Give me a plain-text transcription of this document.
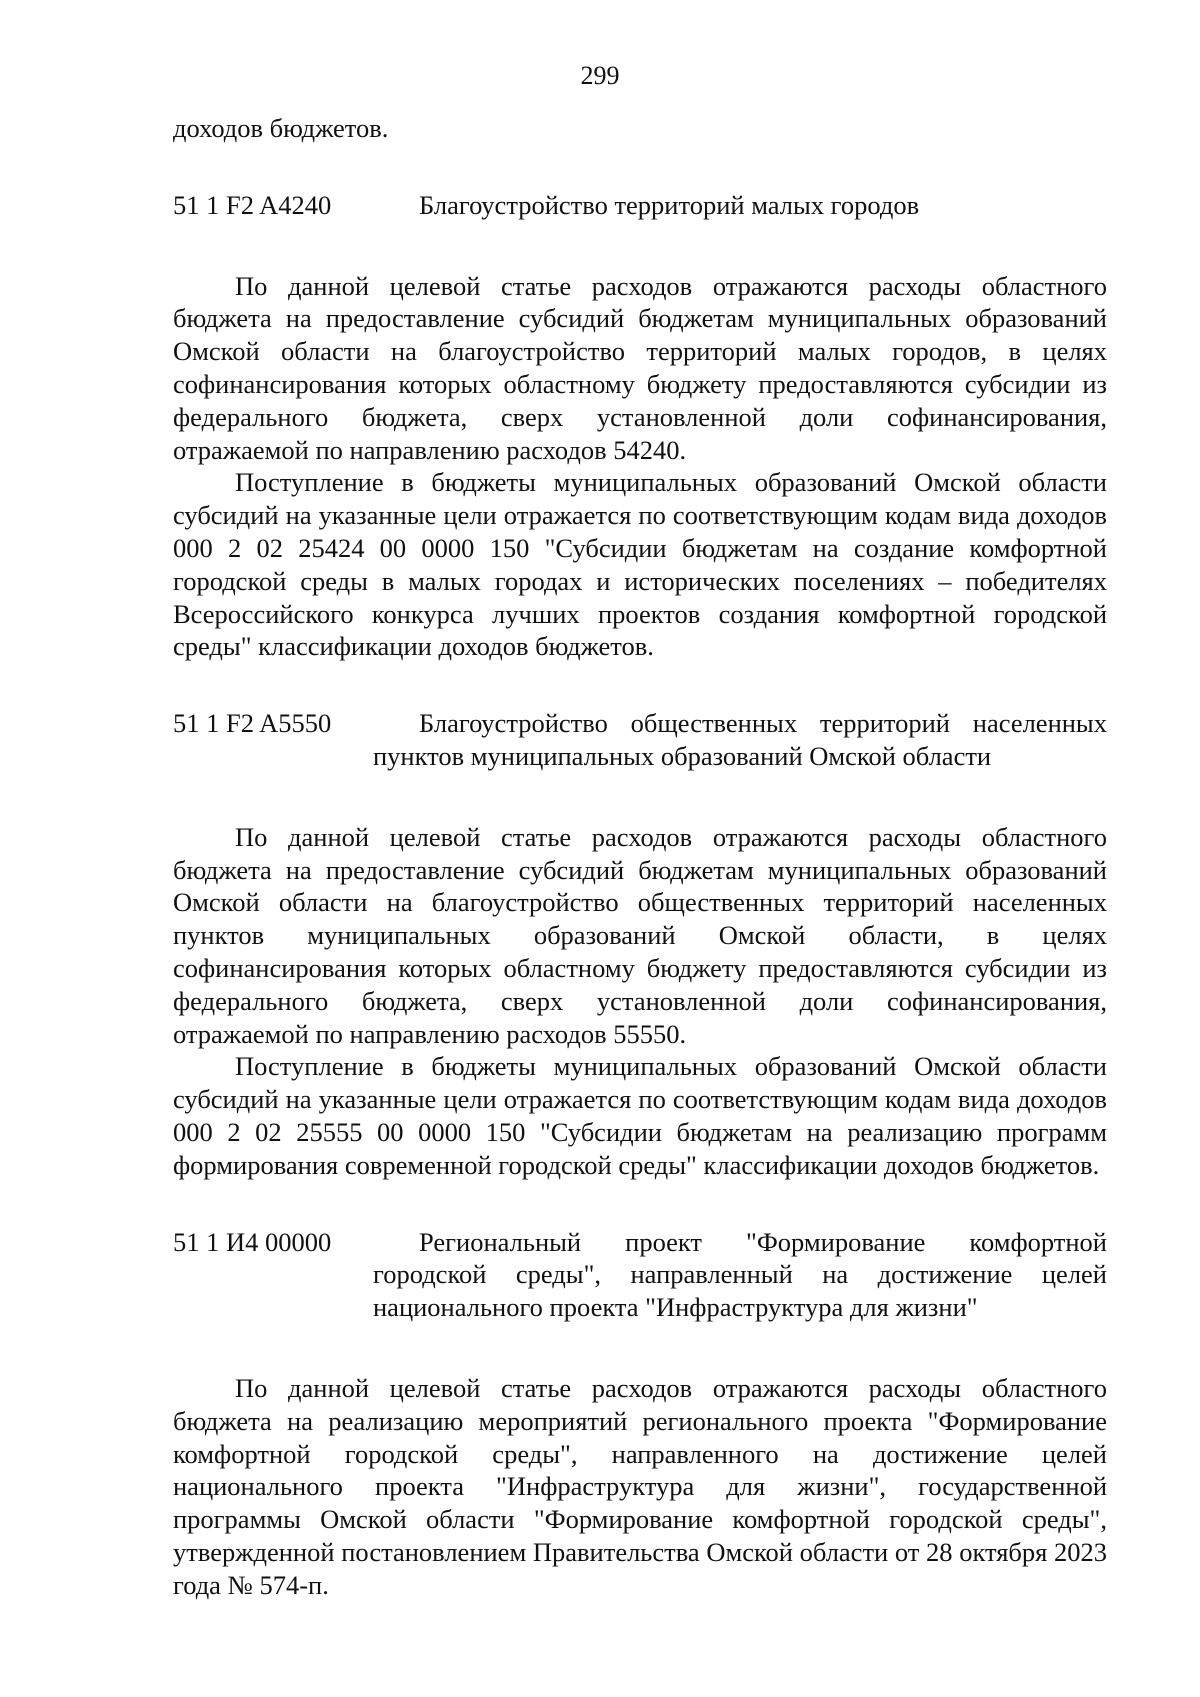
299

доходов бюджетов.

51 1 F2 A4240	Благоустройство территорий малых городов

По данной целевой статье расходов отражаются расходы областного бюджета на предоставление субсидий бюджетам муниципальных образований Омской области на благоустройство территорий малых городов, в целях софинансирования которых областному бюджету предоставляются субсидии из федерального бюджета, сверх установленной доли софинансирования, отражаемой по направлению расходов 54240.

Поступление в бюджеты муниципальных образований Омской области субсидий на указанные цели отражается по соответствующим кодам вида доходов 000 2 02 25424 00 0000 150 "Субсидии бюджетам на создание комфортной городской среды в малых городах и исторических поселениях – победителях Всероссийского конкурса лучших проектов создания комфортной городской среды" классификации доходов бюджетов.

51 1 F2 A5550	Благоустройство общественных территорий населенных пунктов муниципальных образований Омской области

По данной целевой статье расходов отражаются расходы областного бюджета на предоставление субсидий бюджетам муниципальных образований Омской области на благоустройство общественных территорий населенных пунктов муниципальных образований Омской области, в целях софинансирования которых областному бюджету предоставляются субсидии из федерального бюджета, сверх установленной доли софинансирования, отражаемой по направлению расходов 55550.

Поступление в бюджеты муниципальных образований Омской области субсидий на указанные цели отражается по соответствующим кодам вида доходов 000 2 02 25555 00 0000 150 "Субсидии бюджетам на реализацию программ формирования современной городской среды" классификации доходов бюджетов.

51 1 И4 00000	Региональный проект "Формирование комфортной городской среды", направленный на достижение целей национального проекта "Инфраструктура для жизни"

По данной целевой статье расходов отражаются расходы областного бюджета на реализацию мероприятий регионального проекта "Формирование комфортной городской среды", направленного на достижение целей национального проекта "Инфраструктура для жизни", государственной программы Омской области "Формирование комфортной городской среды", утвержденной постановлением Правительства Омской области от 28 октября 2023 года № 574-п.
